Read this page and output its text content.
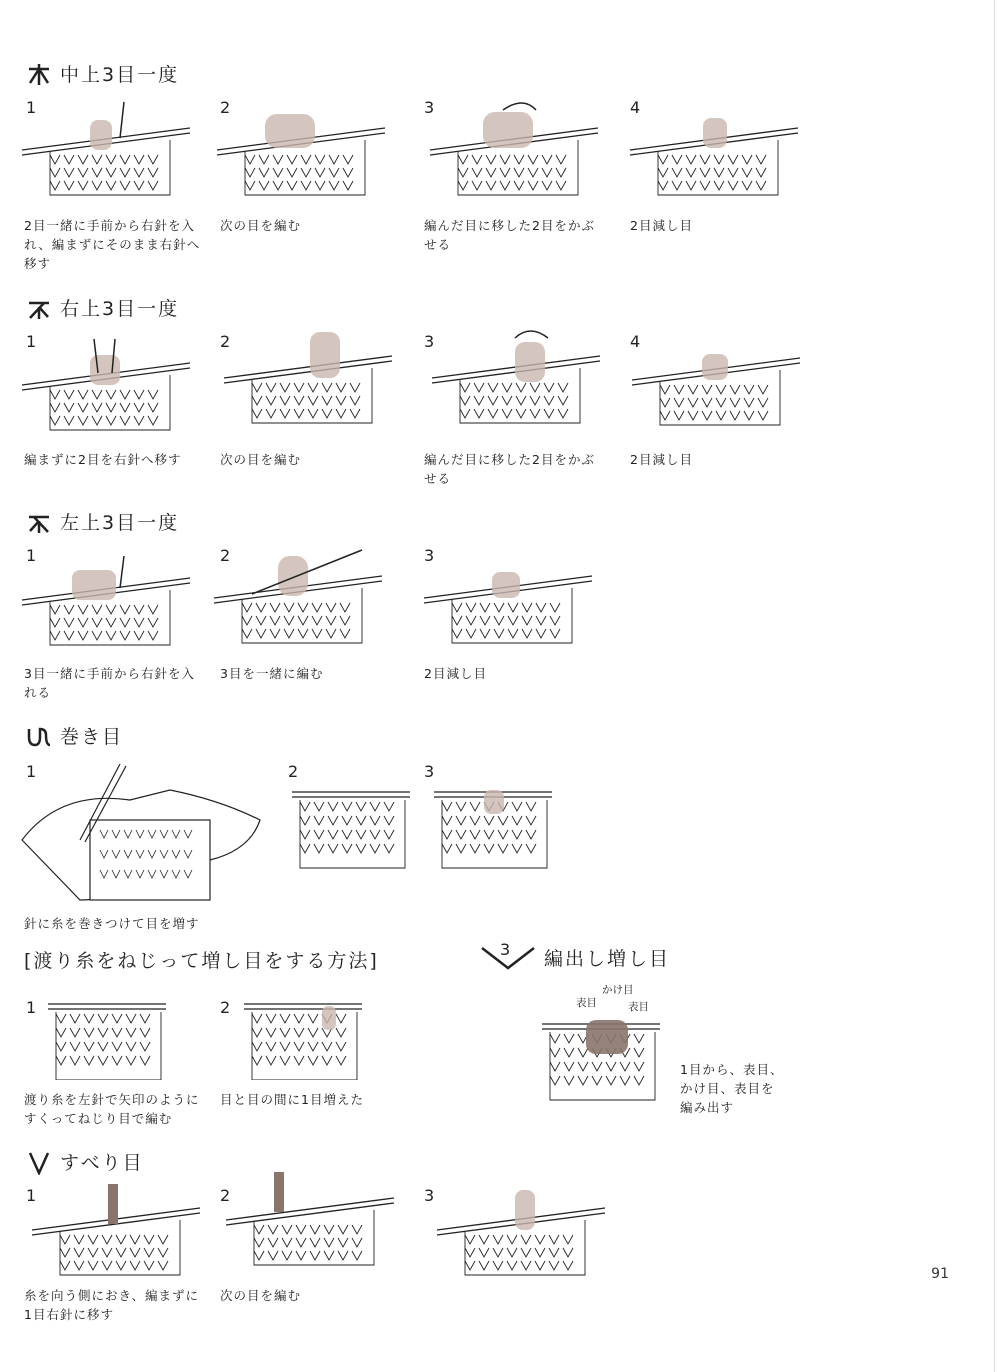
中上3目一度
1	2	3	4
2目一緒に手前から右針を入
れ、編まずにそのまま右針へ
移す
次の目を編む	編んだ目に移した2目をかぶ
せる
2目減し目
右上3目一度
1	2	3	4
編まずに2目を右針へ移す	次の目を編む	編んだ目に移した2目をかぶ
せる
2目減し目
左上3目一度
1	2	3
3目一緒に手前から右針を入
れる
3目を一緒に編む	2目減し目
巻き目
1	2	3
針に糸を巻きつけて目を増す
[渡り糸をねじって増し目をする方法]
1	2
渡り糸を左針で矢印のように
すくってねじり目で編む
目と目の間に1目増えた
3 編出し増し目
表目
かけ目
表目
1目から、表目、
かけ目、表目を
編み出す
すべり目
1	2	3
糸を向う側におき、編まずに
1目右針に移す
次の目を編む
91
